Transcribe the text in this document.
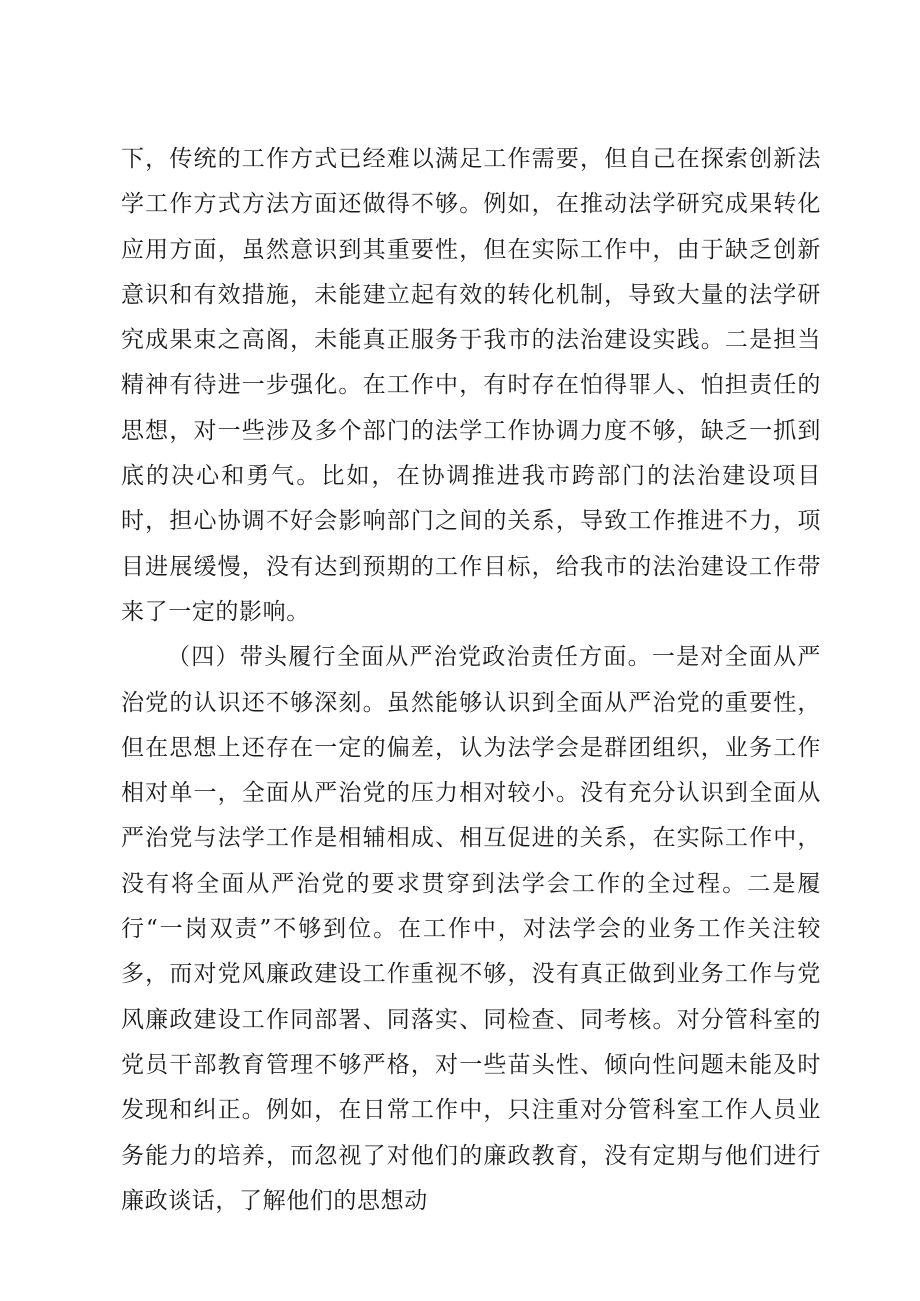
下，传统的工作方式已经难以满足工作需要，但自己在探索创新法学工作方式方法方面还做得不够。例如，在推动法学研究成果转化应用方面，虽然意识到其重要性，但在实际工作中，由于缺乏创新意识和有效措施，未能建立起有效的转化机制，导致大量的法学研究成果束之高阁，未能真正服务于我市的法治建设实践。二是担当精神有待进一步强化。在工作中，有时存在怕得罪人、怕担责任的思想，对一些涉及多个部门的法学工作协调力度不够，缺乏一抓到底的决心和勇气。比如，在协调推进我市跨部门的法治建设项目时，担心协调不好会影响部门之间的关系，导致工作推进不力，项目进展缓慢，没有达到预期的工作目标，给我市的法治建设工作带来了一定的影响。

（四）带头履行全面从严治党政治责任方面。一是对全面从严治党的认识还不够深刻。虽然能够认识到全面从严治党的重要性，但在思想上还存在一定的偏差，认为法学会是群团组织，业务工作相对单一，全面从严治党的压力相对较小。没有充分认识到全面从严治党与法学工作是相辅相成、相互促进的关系，在实际工作中，没有将全面从严治党的要求贯穿到法学会工作的全过程。二是履行“一岗双责”不够到位。在工作中，对法学会的业务工作关注较多，而对党风廉政建设工作重视不够，没有真正做到业务工作与党风廉政建设工作同部署、同落实、同检查、同考核。对分管科室的党员干部教育管理不够严格，对一些苗头性、倾向性问题未能及时发现和纠正。例如，在日常工作中，只注重对分管科室工作人员业务能力的培养，而忽视了对他们的廉政教育，没有定期与他们进行廉政谈话，了解他们的思想动
